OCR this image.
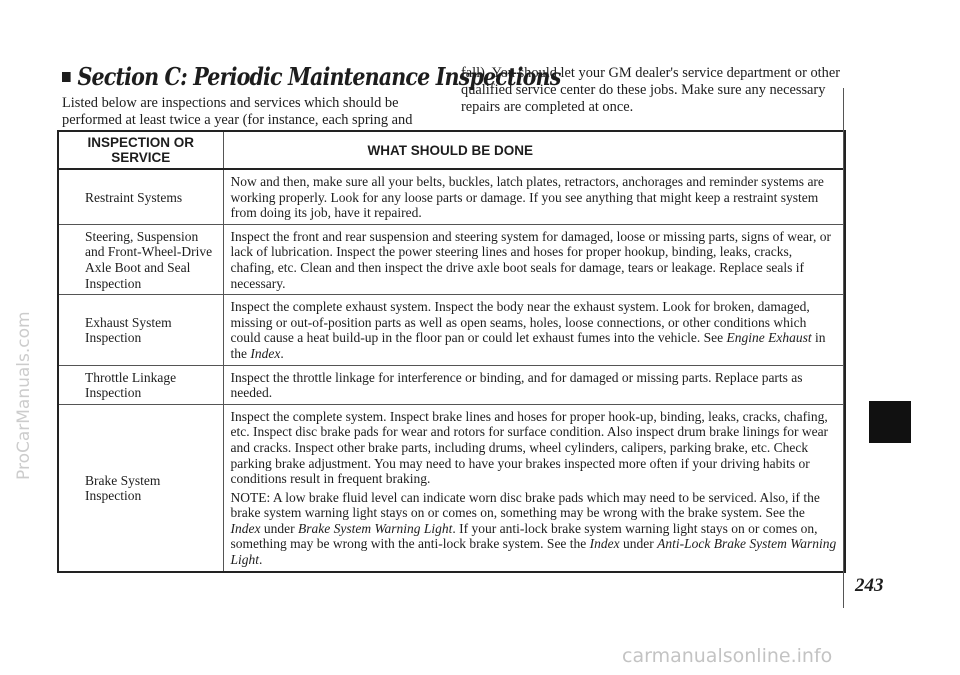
Section C: Periodic Maintenance Inspections

Listed below are inspections and services which should be performed at least twice a year (for instance, each spring and

fall). You should let your GM dealer's service department or other qualified service center do these jobs. Make sure any necessary repairs are completed at once.

INSPECTION OR SERVICE	WHAT SHOULD BE DONE
Restraint Systems	Now and then, make sure all your belts, buckles, latch plates, retractors, anchorages and reminder systems are working properly. Look for any loose parts or damage. If you see anything that might keep a restraint system from doing its job, have it repaired.
Steering, Suspension and Front-Wheel-Drive Axle Boot and Seal Inspection	Inspect the front and rear suspension and steering system for damaged, loose or missing parts, signs of wear, or lack of lubrication. Inspect the power steering lines and hoses for proper hookup, binding, leaks, cracks, chafing, etc. Clean and then inspect the drive axle boot seals for damage, tears or leakage. Replace seals if necessary.
Exhaust System Inspection	Inspect the complete exhaust system. Inspect the body near the exhaust system. Look for broken, damaged, missing or out-of-position parts as well as open seams, holes, loose connections, or other conditions which could cause a heat build-up in the floor pan or could let exhaust fumes into the vehicle. See Engine Exhaust in the Index.
Throttle Linkage Inspection	Inspect the throttle linkage for interference or binding, and for damaged or missing parts. Replace parts as needed.
Brake System Inspection	Inspect the complete system. Inspect brake lines and hoses for proper hook-up, binding, leaks, cracks, chafing, etc. Inspect disc brake pads for wear and rotors for surface condition. Also inspect drum brake linings for wear and cracks. Inspect other brake parts, including drums, wheel cylinders, calipers, parking brake, etc. Check parking brake adjustment. You may need to have your brakes inspected more often if your driving habits or conditions result in frequent braking.
NOTE: A low brake fluid level can indicate worn disc brake pads which may need to be serviced. Also, if the brake system warning light stays on or comes on, something may be wrong with the brake system. See the Index under Brake System Warning Light. If your anti-lock brake system warning light stays on or comes on, something may be wrong with the anti-lock brake system. See the Index under Anti-Lock Brake System Warning Light.
243
ProCarManuals.com
carmanualsonline.info
